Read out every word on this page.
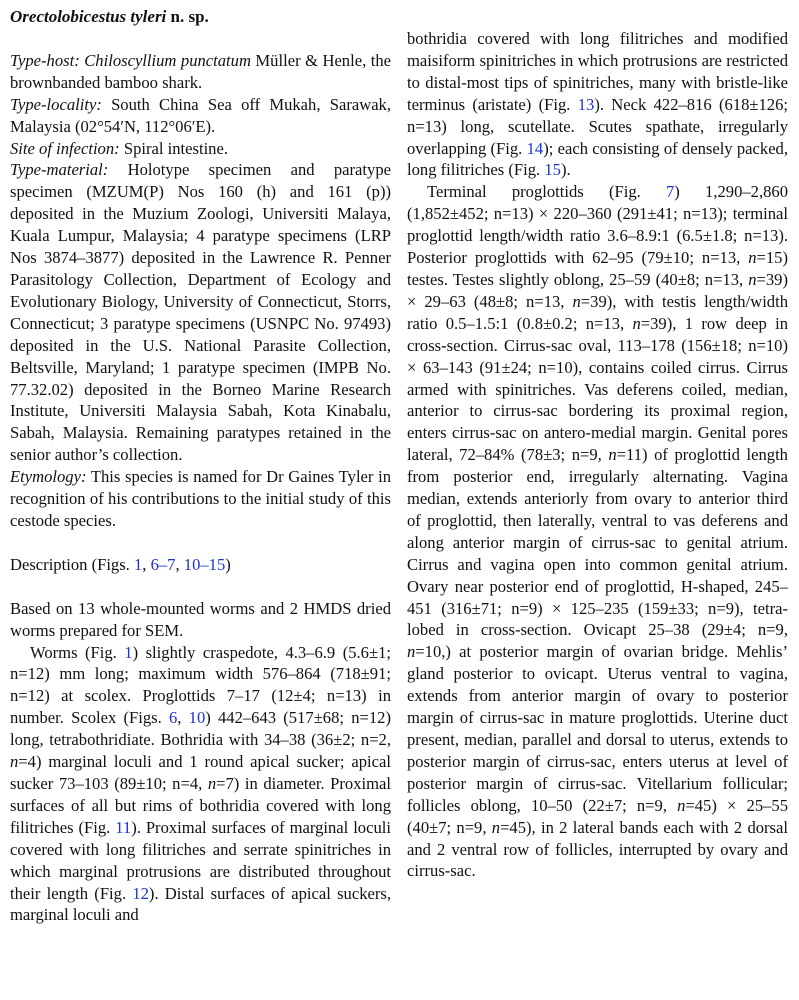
Orectolobicestus tyleri n. sp.

Type-host: Chiloscyllium punctatum Müller & Henle, the brownbanded bamboo shark.

Type-locality: South China Sea off Mukah, Sarawak, Malaysia (02°54′N, 112°06′E).

Site of infection: Spiral intestine.

Type-material: Holotype specimen and paratype specimen (MZUM(P) Nos 160 (h) and 161 (p)) deposited in the Muzium Zoologi, Universiti Malaya, Kuala Lumpur, Malaysia; 4 paratype specimens (LRP Nos 3874–3877) deposited in the Lawrence R. Penner Parasitology Collection, Department of Ecology and Evolutionary Biology, University of Connecticut, Storrs, Connecticut; 3 paratype specimens (USNPC No. 97493) deposited in the U.S. National Parasite Collection, Beltsville, Maryland; 1 paratype specimen (IMPB No. 77.32.02) deposited in the Borneo Marine Research Institute, Universiti Malaysia Sabah, Kota Kinabalu, Sabah, Malaysia. Remaining paratypes retained in the senior author’s collection.

Etymology: This species is named for Dr Gaines Tyler in recognition of his contributions to the initial study of this cestode species.

Description (Figs. 1, 6–7, 10–15)

Based on 13 whole-mounted worms and 2 HMDS dried worms prepared for SEM.

Worms (Fig. 1) slightly craspedote, 4.3–6.9 (5.6±1; n=12) mm long; maximum width 576–864 (718±91; n=12) at scolex. Proglottids 7–17 (12±4; n=13) in number. Scolex (Figs. 6, 10) 442–643 (517±68; n=12) long, tetrabothridiate. Bothridia with 34–38 (36±2; n=2, n=4) marginal loculi and 1 round apical sucker; apical sucker 73–103 (89±10; n=4, n=7) in diameter. Proximal surfaces of all but rims of bothridia covered with long filitriches (Fig. 11). Proximal surfaces of marginal loculi covered with long filitriches and serrate spinitriches in which marginal protrusions are distributed throughout their length (Fig. 12). Distal surfaces of apical suckers, marginal loculi and

bothridia covered with long filitriches and modified maisiform spinitriches in which protrusions are restricted to distal-most tips of spinitriches, many with bristle-like terminus (aristate) (Fig. 13). Neck 422–816 (618±126; n=13) long, scutellate. Scutes spathate, irregularly overlapping (Fig. 14); each consisting of densely packed, long filitriches (Fig. 15).

Terminal proglottids (Fig. 7) 1,290–2,860 (1,852±452; n=13) × 220–360 (291±41; n=13); terminal proglottid length/width ratio 3.6–8.9:1 (6.5±1.8; n=13). Posterior proglottids with 62–95 (79±10; n=13, n=15) testes. Testes slightly oblong, 25–59 (40±8; n=13, n=39) × 29–63 (48±8; n=13, n=39), with testis length/width ratio 0.5–1.5:1 (0.8±0.2; n=13, n=39), 1 row deep in cross-section. Cirrus-sac oval, 113–178 (156±18; n=10) × 63–143 (91±24; n=10), contains coiled cirrus. Cirrus armed with spinitriches. Vas deferens coiled, median, anterior to cirrus-sac bordering its proximal region, enters cirrus-sac on antero-medial margin. Genital pores lateral, 72–84% (78±3; n=9, n=11) of proglottid length from posterior end, irregularly alternating. Vagina median, extends anteriorly from ovary to anterior third of proglottid, then laterally, ventral to vas deferens and along anterior margin of cirrus-sac to genital atrium. Cirrus and vagina open into common genital atrium. Ovary near posterior end of proglottid, H-shaped, 245–451 (316±71; n=9) × 125–235 (159±33; n=9), tetra-lobed in cross-section. Ovicapt 25–38 (29±4; n=9, n=10,) at posterior margin of ovarian bridge. Mehlis’ gland posterior to ovicapt. Uterus ventral to vagina, extends from anterior margin of ovary to posterior margin of cirrus-sac in mature proglottids. Uterine duct present, median, parallel and dorsal to uterus, extends to posterior margin of cirrus-sac, enters uterus at level of posterior margin of cirrus-sac. Vitellarium follicular; follicles oblong, 10–50 (22±7; n=9, n=45) × 25–55 (40±7; n=9, n=45), in 2 lateral bands each with 2 dorsal and 2 ventral row of follicles, interrupted by ovary and cirrus-sac.
